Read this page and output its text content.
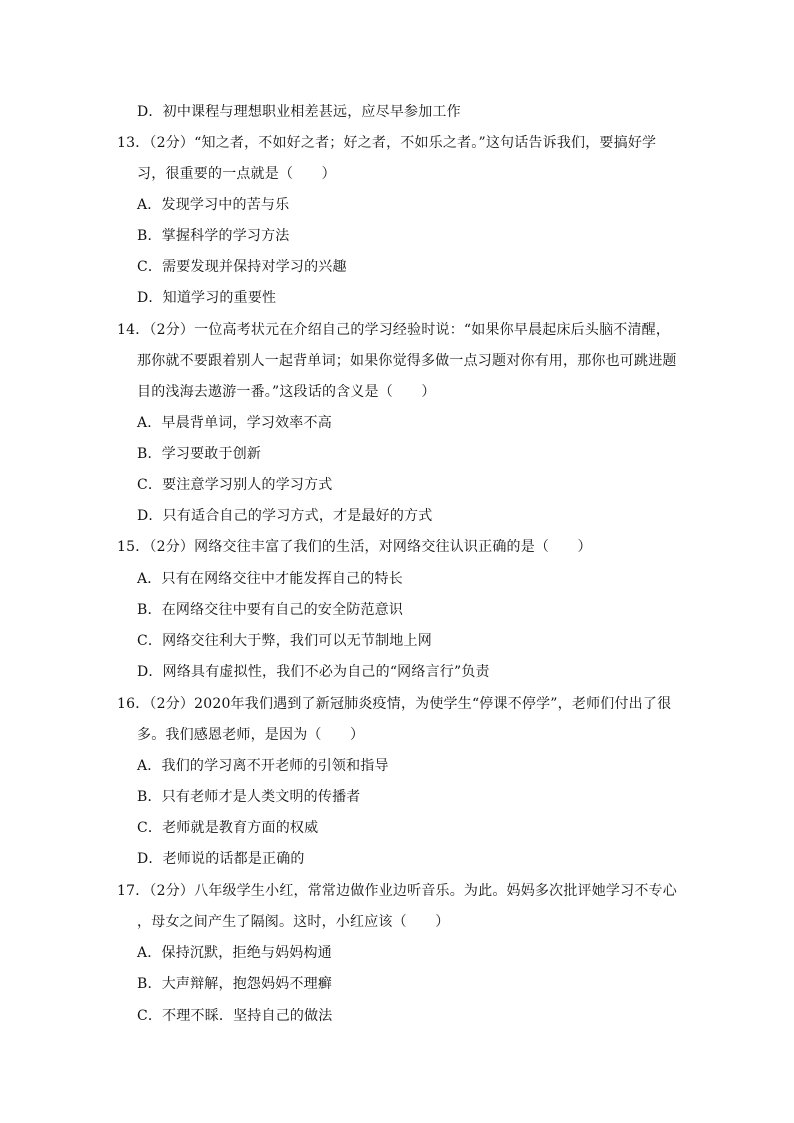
D．初中课程与理想职业相差甚远，应尽早参加工作
13．（2分）“知之者，不如好之者；好之者，不如乐之者。”这句话告诉我们，要搞好学
习，很重要的一点就是（　　）
A．发现学习中的苦与乐
B．掌握科学的学习方法
C．需要发现并保持对学习的兴趣
D．知道学习的重要性
14．（2分）一位高考状元在介绍自己的学习经验时说：“如果你早晨起床后头脑不清醒，
那你就不要跟着别人一起背单词；如果你觉得多做一点习题对你有用，那你也可跳进题
目的浅海去遨游一番。”这段话的含义是（　　）
A．早晨背单词，学习效率不高
B．学习要敢于创新
C．要注意学习别人的学习方式
D．只有适合自己的学习方式，才是最好的方式
15．（2分）网络交往丰富了我们的生活，对网络交往认识正确的是（　　）
A．只有在网络交往中才能发挥自己的特长
B．在网络交往中要有自己的安全防范意识
C．网络交往利大于弊，我们可以无节制地上网
D．网络具有虚拟性，我们不必为自己的“网络言行”负责
16．（2分）2020年我们遇到了新冠肺炎疫情，为使学生“停课不停学”，老师们付出了很
多。我们感恩老师，是因为（　　）
A．我们的学习离不开老师的引领和指导
B．只有老师才是人类文明的传播者
C．老师就是教育方面的权威
D．老师说的话都是正确的
17．（2分）八年级学生小红，常常边做作业边听音乐。为此。妈妈多次批评她学习不专心
，母女之间产生了隔阂。这时，小红应该（　　）
A．保持沉默，拒绝与妈妈构通
B．大声辩解，抱怨妈妈不理癣
C．不理不睬．坚持自己的做法
